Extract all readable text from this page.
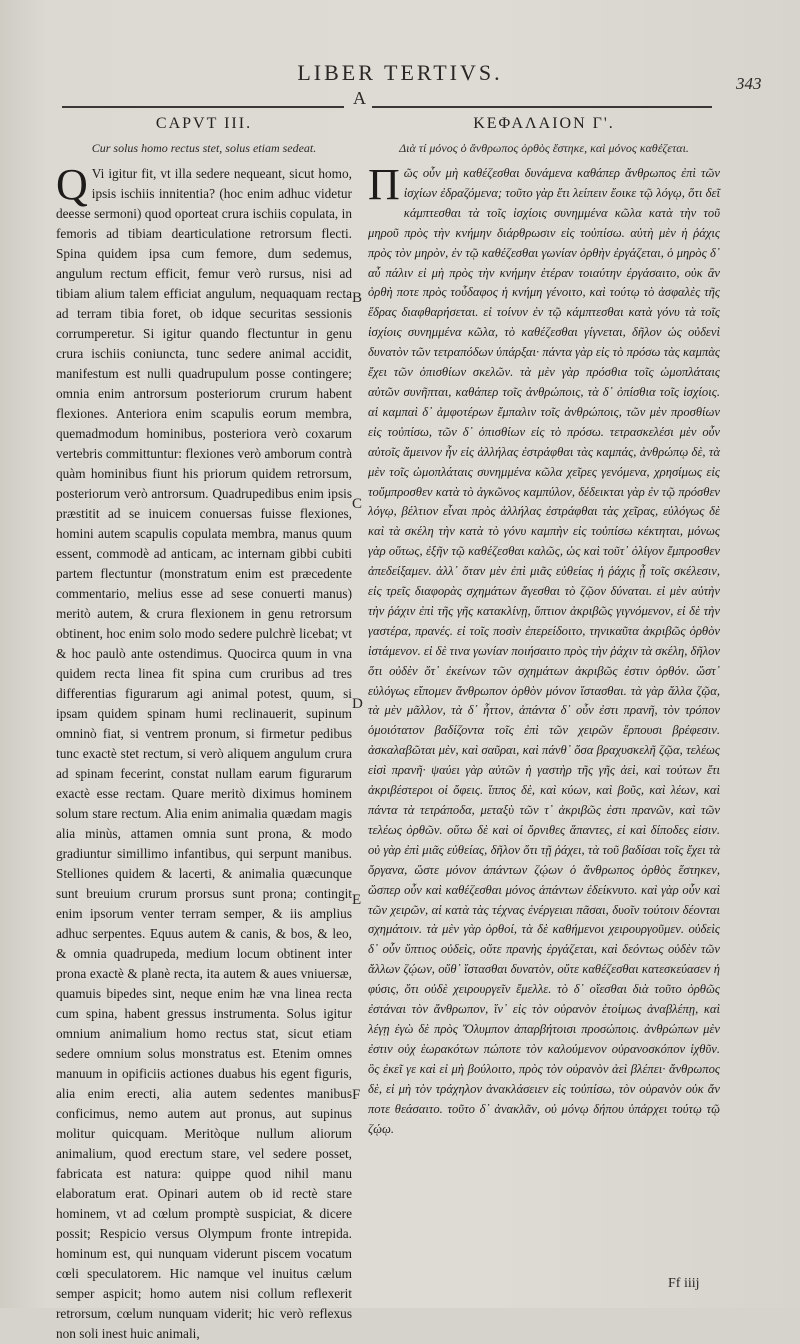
LIBER TERTIVS.	343
A
CAPVT III.
Cur solus homo rectus stet, solus etiam sedeat.

QVi igitur fit, vt illa sedere nequeant, sicut homo, ipsis ischiis innitentia? (hoc enim adhuc videtur deesse sermoni) quod oporteat crura ischiis copulata, in femoris ad tibiam dearticulatione retrorsum flecti. Spina quidem ipsa cum femore, dum sedemus, angulum rectum efficit, femur verò rursus, nisi ad tibiam alium talem efficiat angulum, nequaquam recta ad terram tibia foret, ob idque securitas sessionis corrumperetur. Si igitur quando flectuntur in genu crura ischiis coniuncta, tunc sedere animal accidit, manifestum est nulli quadrupulum posse contingere; omnia enim antrorsum posteriorum crurum habent flexiones. Anteriora enim scapulis eorum membra, quemadmodum hominibus, posteriora verò coxarum vertebris committuntur: flexiones verò amborum contrà quàm hominibus fiunt his priorum quidem retrorsum, posteriorum verò antrorsum. Quadrupedibus enim ipsis præstitit ad se inuicem conuersas fuisse flexiones, homini autem scapulis copulata membra, manus quum essent, commodè ad anticam, ac internam gibbi cubiti partem flectuntur (monstratum enim est præcedente commentario, melius esse ad sese conuerti manus) meritò autem, & crura flexionem in genu retrorsum obtinent, hoc enim solo modo sedere pulchrè licebat; vt & hoc paulò ante ostendimus. Quocirca quum in vna quidem recta linea fit spina cum cruribus ad tres differentias figurarum agi animal potest, quum, si ipsam quidem spinam humi reclinauerit, supinum omninò fiat, si ventrem pronum, si firmetur pedibus tunc exactè stet rectum, si verò aliquem angulum crura ad spinam fecerint, constat nullam earum figurarum exactè esse rectam. Quare meritò diximus hominem solum stare rectum. Alia enim animalia quædam magis alia minùs, attamen omnia sunt prona, & modo gradiuntur simillimo infantibus, qui serpunt manibus. Stelliones quidem & lacerti, & animalia quæcunque sunt breuium crurum prorsus sunt prona; contingit enim ipsorum venter terram semper, & iis amplius adhuc serpentes. Equus autem & canis, & bos, & leo, & omnia quadrupeda, medium locum obtinent inter prona exactè & planè recta, ita autem & aues vniuersæ, quamuis bipedes sint, neque enim hæ vna linea recta cum spina, habent gressus instrumenta. Solus igitur omnium animalium homo rectus stat, sicut etiam sedere omnium solus monstratus est. Etenim omnes manuum in opificiis actiones duabus his egent figuris, alia enim erecti, alia autem sedentes manibus conficimus, nemo autem aut pronus, aut supinus molitur quicquam. Meritòque nullum aliorum animalium, quod erectum stare, vel sedere posset, fabricata est natura: quippe quod nihil manu elaboratum erat. Opinari autem ob id rectè stare hominem, vt ad cœlum promptè suspiciat, & dicere possit; Respicio versus Olympum fronte intrepida. hominum est, qui nunquam viderunt piscem vocatum cœli speculatorem. Hic namque vel inuitus cælum semper aspicit; homo autem nisi collum reflexerit retrorsum, cœlum nunquam viderit; hic verò reflexus non soli inest huic animali,

ΚΕΦΑΛΑΙΟΝ Γ'.
Διὰ τί μόνος ὁ ἄνθρωπος ὀρθὸς ἕστηκε, καὶ μόνος καθέζεται.

Πῶς οὖν μὴ καθέζεσθαι δυνάμενα καθάπερ ἄνθρωπος ἐπὶ τῶν ἰσχίων ἐδραζόμενα; τοῦτο γὰρ ἔτι λείπειν ἔοικε τῷ λόγῳ, ὅτι δεῖ κάμπτεσθαι τὰ τοῖς ἰσχίοις συνημμένα κῶλα κατὰ τὴν τοῦ μηροῦ πρὸς τὴν κνήμην διάρθρωσιν εἰς τοὐπίσω. αὐτὴ μὲν ἡ ῥάχις πρὸς τὸν μηρὸν, ἐν τῷ καθέζεσθαι γωνίαν ὀρθὴν ἐργάζεται, ὁ μηρὸς δ᾽ αὖ πάλιν εἰ μὴ πρὸς τὴν κνήμην ἑτέραν τοιαύτην ἐργάσαιτο, οὐκ ἂν ὀρθὴ ποτε πρὸς τοὖδαφος ἡ κνήμη γένοιτο, καὶ τούτῳ τὸ ἀσφαλὲς τῆς ἕδρας διαφθαρήσεται. εἰ τοίνυν ἐν τῷ κάμπτεσθαι κατὰ γόνυ τὰ τοῖς ἰσχίοις συνημμένα κῶλα, τὸ καθέζεσθαι γίγνεται, δῆλον ὡς οὐδενὶ δυνατὸν τῶν τετραπόδων ὑπάρξαι· πάντα γὰρ εἰς τὸ πρόσω τὰς καμπὰς ἔχει τῶν ὀπισθίων σκελῶν. τὰ μὲν γὰρ πρόσθια τοῖς ὠμοπλάταις αὐτῶν συνῆπται, καθάπερ τοῖς ἀνθρώποις, τὰ δ᾽ ὀπίσθια τοῖς ἰσχίοις. αἱ καμπαὶ δ᾽ ἀμφοτέρων ἔμπαλιν τοῖς ἀνθρώποις, τῶν μὲν προσθίων εἰς τοὐπίσω, τῶν δ᾽ ὀπισθίων εἰς τὸ πρόσω. τετρασκελέσι μὲν οὖν αὐτοῖς ἄμεινον ἦν εἰς ἀλλήλας ἐστράφθαι τὰς καμπάς, ἀνθρώπῳ δὲ, τὰ μὲν τοῖς ὠμοπλάταις συνημμένα κῶλα χεῖρες γενόμενα, χρησίμως εἰς τοὔμπροσθεν κατὰ τὸ ἀγκῶνος καμπύλον, δέδεικται γὰρ ἐν τῷ πρόσθεν λόγῳ, βέλτιον εἶναι πρὸς ἀλλήλας ἐστράφθαι τὰς χεῖρας, εὐλόγως δὲ καὶ τὰ σκέλη τὴν κατὰ τὸ γόνυ καμπὴν εἰς τοὐπίσω κέκτηται, μόνως γὰρ οὕτως, ἐξῆν τῷ καθέζεσθαι καλῶς, ὡς καὶ τοῦτ᾽ ὀλίγον ἔμπροσθεν ἀπεδείξαμεν. ἀλλ᾽ ὅταν μὲν ἐπὶ μιᾶς εὐθείας ἡ ῥάχις ᾖ τοῖς σκέλεσιν, εἰς τρεῖς διαφορὰς σχημάτων ἄγεσθαι τὸ ζῷον δύναται. εἰ μὲν αὐτὴν τὴν ῥάχιν ἐπὶ τῆς γῆς κατακλίνῃ, ὕπτιον ἀκριβῶς γιγνόμενον, εἰ δὲ τὴν γαστέρα, πρανές. εἰ τοῖς ποσὶν ἐπερείδοιτο, τηνικαῦτα ἀκριβῶς ὀρθὸν ἱστάμενον. εἰ δὲ τινα γωνίαν ποιήσαιτο πρὸς τὴν ῥάχιν τὰ σκέλη, δῆλον ὅτι οὐδὲν ὅτ᾽ ἐκείνων τῶν σχημάτων ἀκριβῶς ἐστιν ὀρθόν. ὥστ᾽ εὐλόγως εἴπομεν ἄνθρωπον ὀρθὸν μόνον ἵστασθαι. τὰ γὰρ ἄλλα ζῷα, τὰ μὲν μᾶλλον, τὰ δ᾽ ἧττον, ἀπάντα δ᾽ οὖν ἐστι πρανῆ, τὸν τρόπον ὁμοιότατον βαδίζοντα τοῖς ἐπὶ τῶν χειρῶν ἕρπουσι βρέφεσιν. ἀσκαλαβῶται μὲν, καὶ σαῦραι, καὶ πάνθ᾽ ὅσα βραχυσκελῆ ζῷα, τελέως εἰσὶ πρανῆ· ψαύει γὰρ αὐτῶν ἡ γαστὴρ τῆς γῆς ἀεὶ, καὶ τούτων ἔτι ἀκριβέστεροι οἱ ὄφεις. ἵππος δὲ, καὶ κύων, καὶ βοῦς, καὶ λέων, καὶ πάντα τὰ τετράποδα, μεταξὺ τῶν τ᾽ ἀκριβῶς ἐστι πρανῶν, καὶ τῶν τελέως ὀρθῶν. οὕτω δὲ καὶ οἱ ὄρνιθες ἅπαντες, εἰ καὶ δίποδες εἰσιν. οὐ γὰρ ἐπὶ μιᾶς εὐθείας, δῆλον ὅτι τῇ ῥάχει, τὰ τοῦ βαδίσαι τοῖς ἔχει τὰ ὄργανα, ὥστε μόνον ἁπάντων ζῴων ὁ ἄνθρωπος ὀρθὸς ἕστηκεν, ὥσπερ οὖν καὶ καθέζεσθαι μόνος ἁπάντων ἐδείκνυτο. καὶ γὰρ οὖν καὶ τῶν χειρῶν, αἱ κατὰ τὰς τέχνας ἐνέργειαι πᾶσαι, δυοῖν τούτοιν δέονται σχημάτοιν. τὰ μὲν γὰρ ὀρθοί, τὰ δὲ καθήμενοι χειρουργοῦμεν. οὐδεὶς δ᾽ οὖν ὕπτιος οὐδεὶς, οὔτε πρανὴς ἐργάζεται, καὶ δεόντως οὐδὲν τῶν ἄλλων ζῴων, οὔθ᾽ ἵστασθαι δυνατὸν, οὔτε καθέζεσθαι κατεσκεύασεν ἡ φύσις, ὅτι οὐδὲ χειρουργεῖν ἔμελλε. τὸ δ᾽ οἴεσθαι διὰ τοῦτο ὀρθῶς ἐστάναι τὸν ἄνθρωπον, ἵν᾽ εἰς τὸν οὐρανὸν ἑτοίμως ἀναβλέπῃ, καὶ λέγῃ ἐγὼ δὲ πρὸς Ὄλυμπον ἀπαρβήτοισι προσώποις. ἀνθρώπων μὲν ἐστιν οὐχ ἑωρακότων πώποτε τὸν καλούμενον οὐρανοσκόπον ἰχθῦν. ὃς ἐκεῖ γε καὶ εἰ μὴ βούλοιτο, πρὸς τὸν οὐρανὸν ἀεὶ βλέπει· ἄνθρωπος δὲ, εἰ μὴ τὸν τράχηλον ἀνακλάσειεν εἰς τοὐπίσω, τὸν οὐρανὸν οὐκ ἄν ποτε θεάσαιτο. τοῦτο δ᾽ ἀνακλᾶν, οὐ μόνῳ δήπου ὑπάρχει τούτῳ τῷ ζῴῳ.

B
C
D
E
F
Ff iiij
